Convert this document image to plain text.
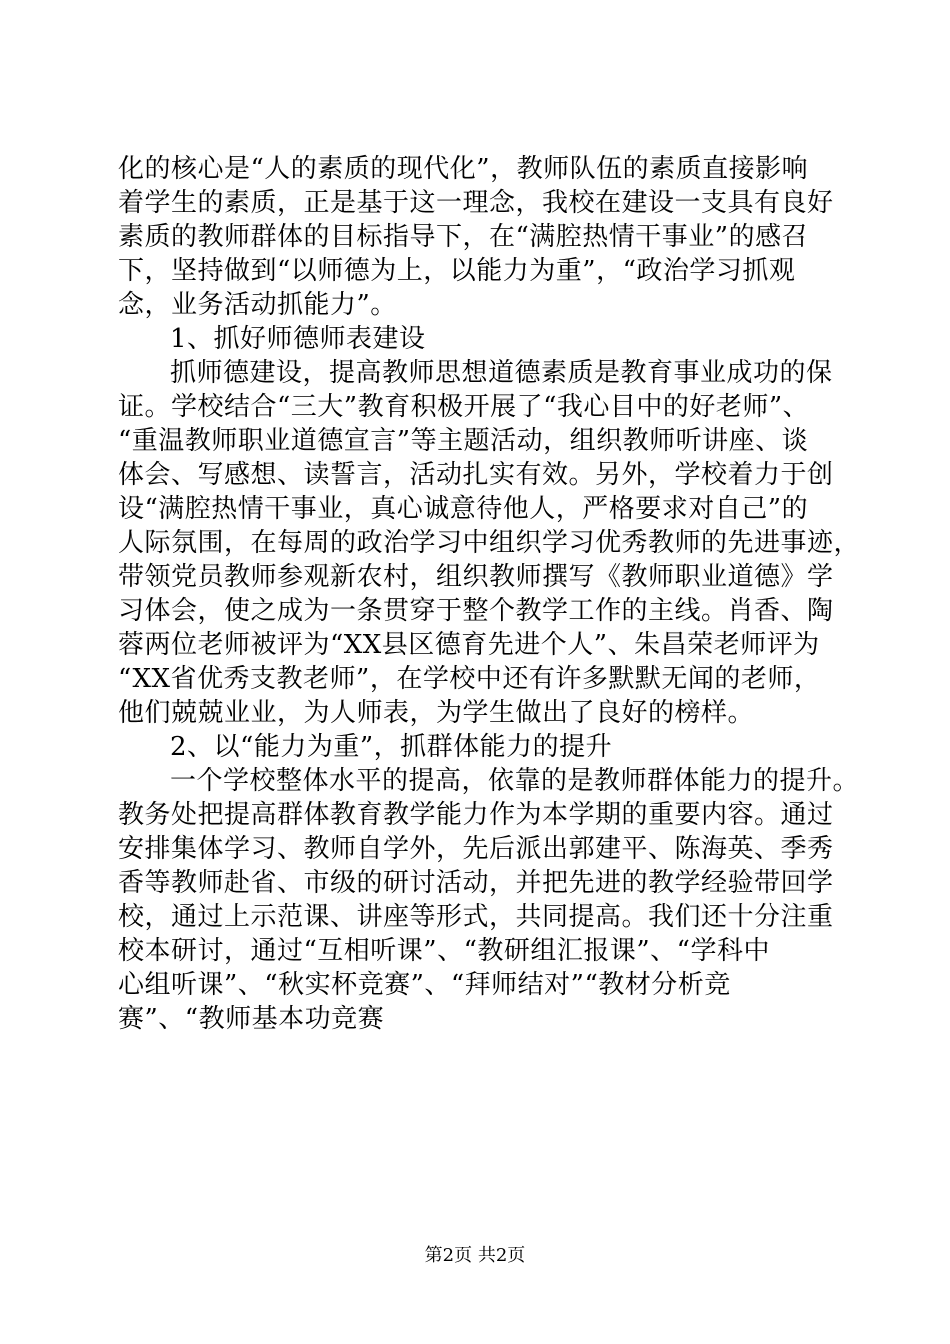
化的核心是“人的素质的现代化”，教师队伍的素质直接影响
着学生的素质，正是基于这一理念，我校在建设一支具有良好
素质的教师群体的目标指导下，在“满腔热情干事业”的感召
下，坚持做到“以师德为上，以能力为重”，“政治学习抓观
念，业务活动抓能力”。
1、抓好师德师表建设
抓师德建设，提高教师思想道德素质是教育事业成功的保
证。学校结合“三大”教育积极开展了“我心目中的好老师”、
“重温教师职业道德宣言”等主题活动，组织教师听讲座、谈
体会、写感想、读誓言，活动扎实有效。另外，学校着力于创
设“满腔热情干事业，真心诚意待他人，严格要求对自己”的
人际氛围，在每周的政治学习中组织学习优秀教师的先进事迹，
带领党员教师参观新农村，组织教师撰写《教师职业道德》学
习体会，使之成为一条贯穿于整个教学工作的主线。肖香、陶
蓉两位老师被评为“XX县区德育先进个人”、朱昌荣老师评为
“XX省优秀支教老师”，在学校中还有许多默默无闻的老师，
他们兢兢业业，为人师表，为学生做出了良好的榜样。
2、以“能力为重”，抓群体能力的提升
一个学校整体水平的提高，依靠的是教师群体能力的提升。
教务处把提高群体教育教学能力作为本学期的重要内容。通过
安排集体学习、教师自学外，先后派出郭建平、陈海英、季秀
香等教师赴省、市级的研讨活动，并把先进的教学经验带回学
校，通过上示范课、讲座等形式，共同提高。我们还十分注重
校本研讨，通过“互相听课”、“教研组汇报课”、“学科中
心组听课”、“秋实杯竞赛”、“拜师结对”“教材分析竞
赛”、“教师基本功竞赛
第2页 共2页
